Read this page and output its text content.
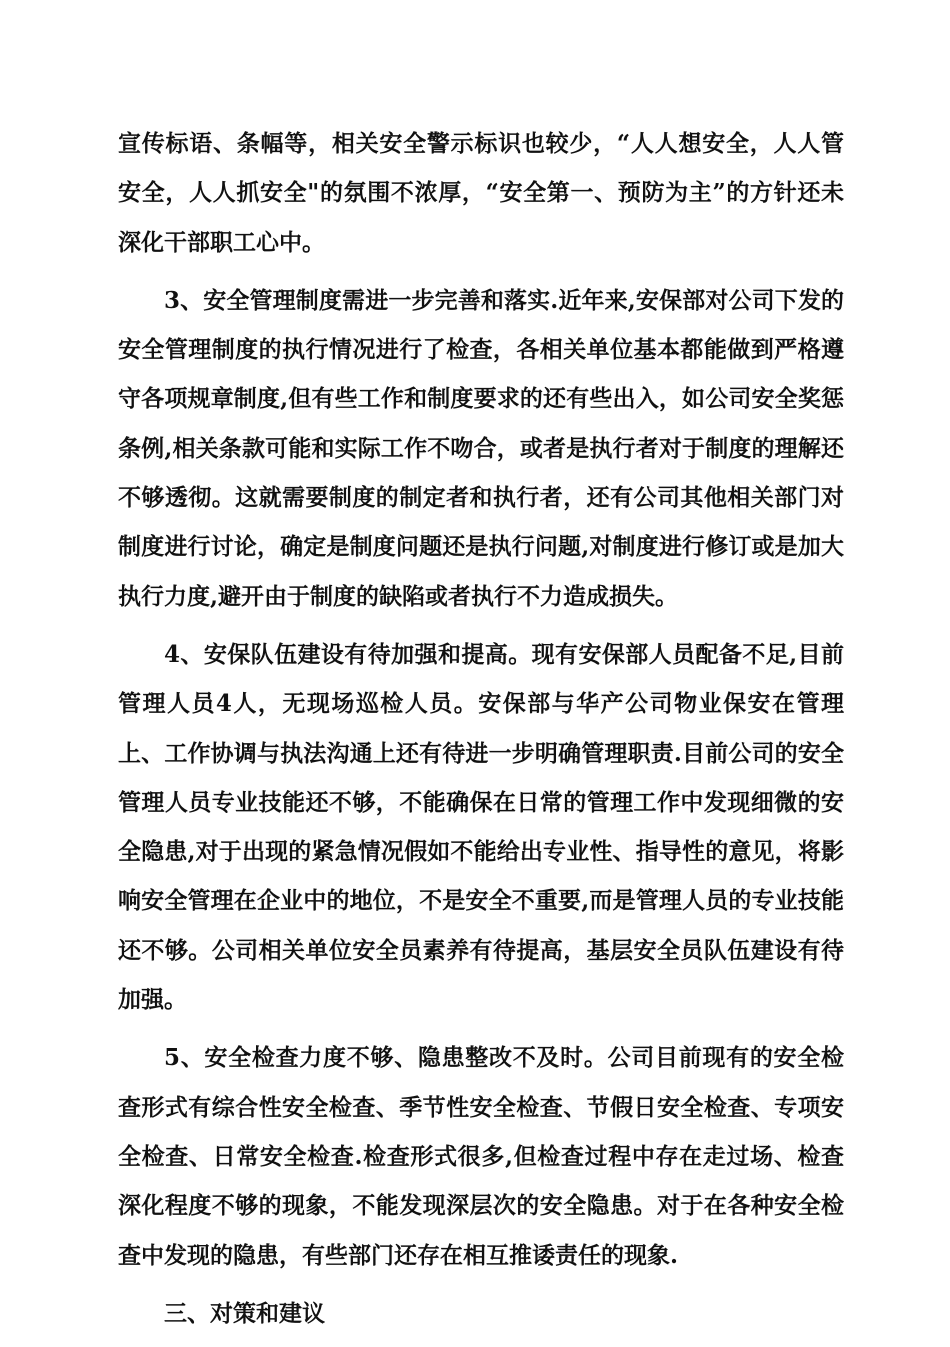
宣传标语、条幅等，相关安全警示标识也较少，“人人想安全，人人管安全，人人抓安全"的氛围不浓厚，“安全第一、预防为主”的方针还未深化干部职工心中。

3、安全管理制度需进一步完善和落实.近年来,安保部对公司下发的安全管理制度的执行情况进行了检查，各相关单位基本都能做到严格遵守各项规章制度,但有些工作和制度要求的还有些出入，如公司安全奖惩条例,相关条款可能和实际工作不吻合，或者是执行者对于制度的理解还不够透彻。这就需要制度的制定者和执行者，还有公司其他相关部门对制度进行讨论，确定是制度问题还是执行问题,对制度进行修订或是加大执行力度,避开由于制度的缺陷或者执行不力造成损失。

4、安保队伍建设有待加强和提高。现有安保部人员配备不足,目前管理人员4人，无现场巡检人员。安保部与华产公司物业保安在管理上、工作协调与执法沟通上还有待进一步明确管理职责.目前公司的安全管理人员专业技能还不够，不能确保在日常的管理工作中发现细微的安全隐患,对于出现的紧急情况假如不能给出专业性、指导性的意见，将影响安全管理在企业中的地位，不是安全不重要,而是管理人员的专业技能还不够。公司相关单位安全员素养有待提高，基层安全员队伍建设有待加强。

5、安全检查力度不够、隐患整改不及时。公司目前现有的安全检查形式有综合性安全检查、季节性安全检查、节假日安全检查、专项安全检查、日常安全检查.检查形式很多,但检查过程中存在走过场、检查深化程度不够的现象，不能发现深层次的安全隐患。对于在各种安全检查中发现的隐患，有些部门还存在相互推诿责任的现象.

三、对策和建议
